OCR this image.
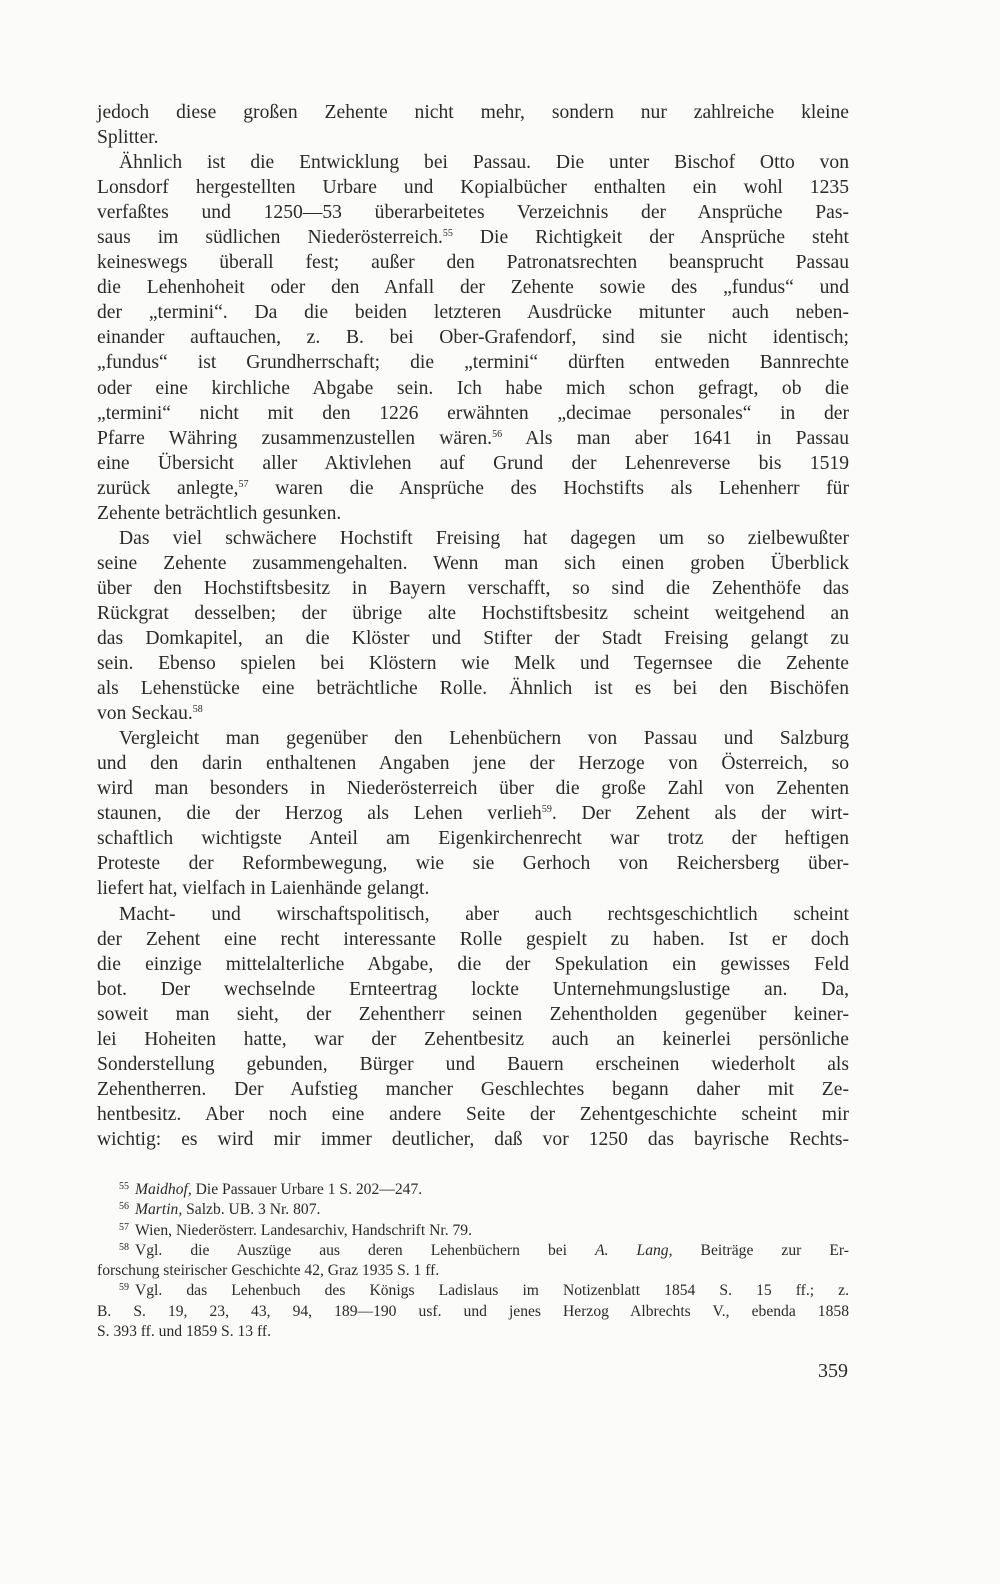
jedoch diese großen Zehente nicht mehr, sondern nur zahlreiche kleine
Splitter.
Ähnlich ist die Entwicklung bei Passau. Die unter Bischof Otto von
Lonsdorf hergestellten Urbare und Kopialbücher enthalten ein wohl 1235
verfaßtes und 1250—53 überarbeitetes Verzeichnis der Ansprüche Pas-
saus im südlichen Niederösterreich.$^{55}$ Die Richtigkeit der Ansprüche steht
keineswegs überall fest; außer den Patronatsrechten beansprucht Passau
die Lehenhoheit oder den Anfall der Zehente sowie des „fundus“ und
der „termini“. Da die beiden letzteren Ausdrücke mitunter auch neben-
einander auftauchen, z. B. bei Ober-Grafendorf, sind sie nicht identisch;
„fundus“ ist Grundherrschaft; die „termini“ dürften entweden Bannrechte
oder eine kirchliche Abgabe sein. Ich habe mich schon gefragt, ob die
„termini“ nicht mit den 1226 erwähnten „decimae personales“ in der
Pfarre Währing zusammenzustellen wären.$^{56}$ Als man aber 1641 in Passau
eine Übersicht aller Aktivlehen auf Grund der Lehenreverse bis 1519
zurück anlegte,$^{57}$ waren die Ansprüche des Hochstifts als Lehenherr für
Zehente beträchtlich gesunken.
Das viel schwächere Hochstift Freising hat dagegen um so zielbewußter
seine Zehente zusammengehalten. Wenn man sich einen groben Überblick
über den Hochstiftsbesitz in Bayern verschafft, so sind die Zehenthöfe das
Rückgrat desselben; der übrige alte Hochstiftsbesitz scheint weitgehend an
das Domkapitel, an die Klöster und Stifter der Stadt Freising gelangt zu
sein. Ebenso spielen bei Klöstern wie Melk und Tegernsee die Zehente
als Lehenstücke eine beträchtliche Rolle. Ähnlich ist es bei den Bischöfen
von Seckau.$^{58}$
Vergleicht man gegenüber den Lehenbüchern von Passau und Salzburg
und den darin enthaltenen Angaben jene der Herzoge von Österreich, so
wird man besonders in Niederösterreich über die große Zahl von Zehenten
staunen, die der Herzog als Lehen verlieh$^{59}$. Der Zehent als der wirt-
schaftlich wichtigste Anteil am Eigenkirchenrecht war trotz der heftigen
Proteste der Reformbewegung, wie sie Gerhoch von Reichersberg über-
liefert hat, vielfach in Laienhände gelangt.
Macht- und wirschaftspolitisch, aber auch rechtsgeschichtlich scheint
der Zehent eine recht interessante Rolle gespielt zu haben. Ist er doch
die einzige mittelalterliche Abgabe, die der Spekulation ein gewisses Feld
bot. Der wechselnde Ernteertrag lockte Unternehmungslustige an. Da,
soweit man sieht, der Zehentherr seinen Zehentholden gegenüber keiner-
lei Hoheiten hatte, war der Zehentbesitz auch an keinerlei persönliche
Sonderstellung gebunden, Bürger und Bauern erscheinen wiederholt als
Zehentherren. Der Aufstieg mancher Geschlechtes begann daher mit Ze-
hentbesitz. Aber noch eine andere Seite der Zehentgeschichte scheint mir
wichtig: es wird mir immer deutlicher, daß vor 1250 das bayrische Rechts-
$^{55}$ Maidhof, Die Passauer Urbare 1 S. 202—247.
$^{56}$ Martin, Salzb. UB. 3 Nr. 807.
$^{57}$ Wien, Niederösterr. Landesarchiv, Handschrift Nr. 79.
$^{58}$ Vgl. die Auszüge aus deren Lehenbüchern bei A. Lang, Beiträge zur Er-
forschung steirischer Geschichte 42, Graz 1935 S. 1 ff.
$^{59}$ Vgl. das Lehenbuch des Königs Ladislaus im Notizenblatt 1854 S. 15 ff.; z.
B. S. 19, 23, 43, 94, 189—190 usf. und jenes Herzog Albrechts V., ebenda 1858
S. 393 ff. und 1859 S. 13 ff.
359
